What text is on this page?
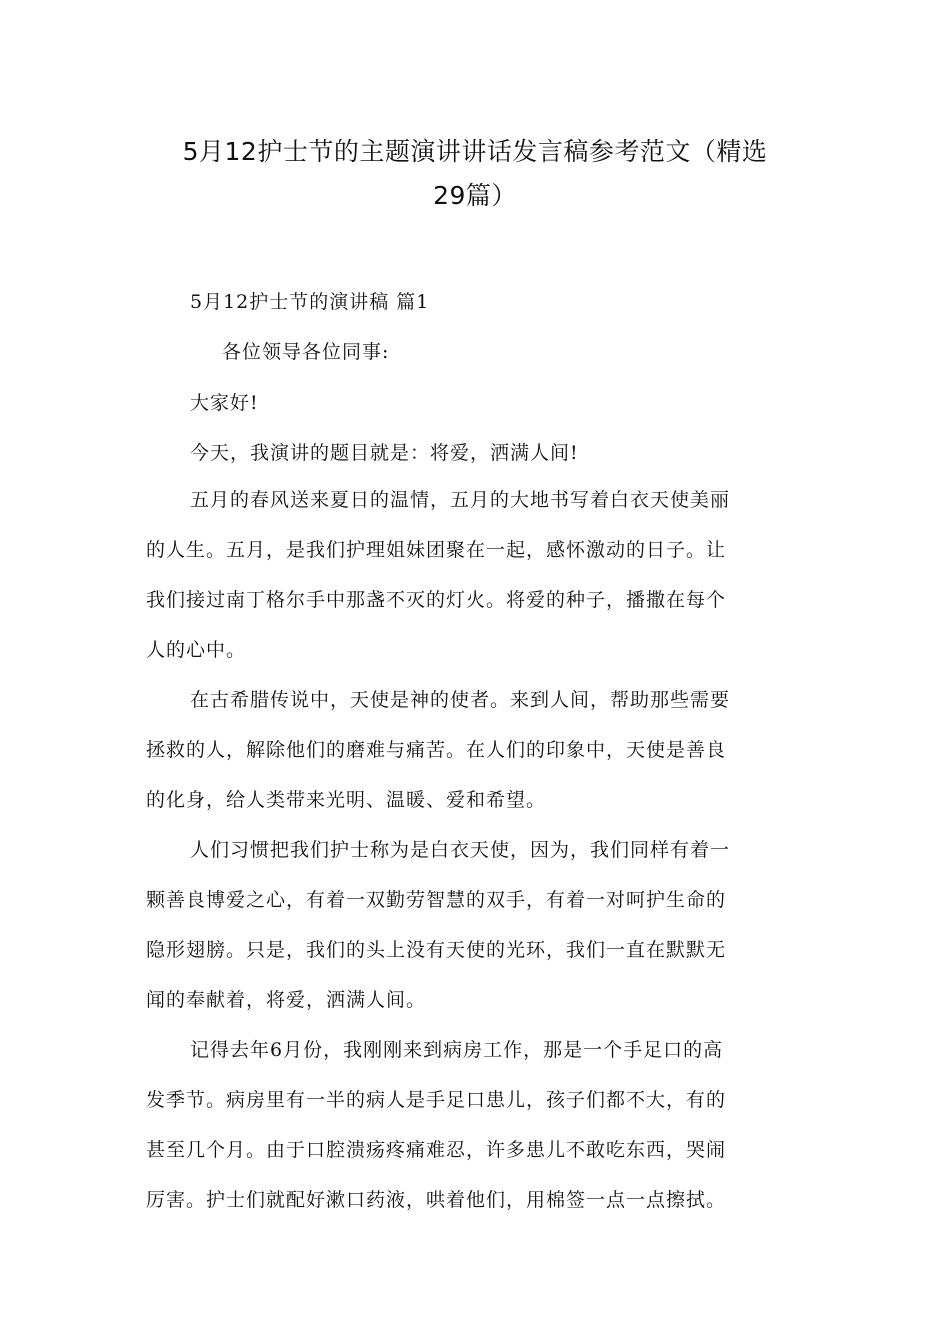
5月12护士节的主题演讲讲话发言稿参考范文（精选
29篇）

5月12护士节的演讲稿 篇1

各位领导各位同事:

大家好!

今天，我演讲的题目就是：将爱，洒满人间!

五月的春风送来夏日的温情，五月的大地书写着白衣天使美丽
的人生。五月，是我们护理姐妹团聚在一起，感怀激动的日子。让
我们接过南丁格尔手中那盏不灭的灯火。将爱的种子，播撒在每个
人的心中。
在古希腊传说中，天使是神的使者。来到人间，帮助那些需要
拯救的人，解除他们的磨难与痛苦。在人们的印象中，天使是善良
的化身，给人类带来光明、温暖、爱和希望。
人们习惯把我们护士称为是白衣天使，因为，我们同样有着一
颗善良博爱之心，有着一双勤劳智慧的双手，有着一对呵护生命的
隐形翅膀。只是，我们的头上没有天使的光环，我们一直在默默无
闻的奉献着，将爱，洒满人间。
记得去年6月份，我刚刚来到病房工作，那是一个手足口的高
发季节。病房里有一半的病人是手足口患儿，孩子们都不大，有的
甚至几个月。由于口腔溃疡疼痛难忍，许多患儿不敢吃东西，哭闹
厉害。护士们就配好漱口药液，哄着他们，用棉签一点一点擦拭。
